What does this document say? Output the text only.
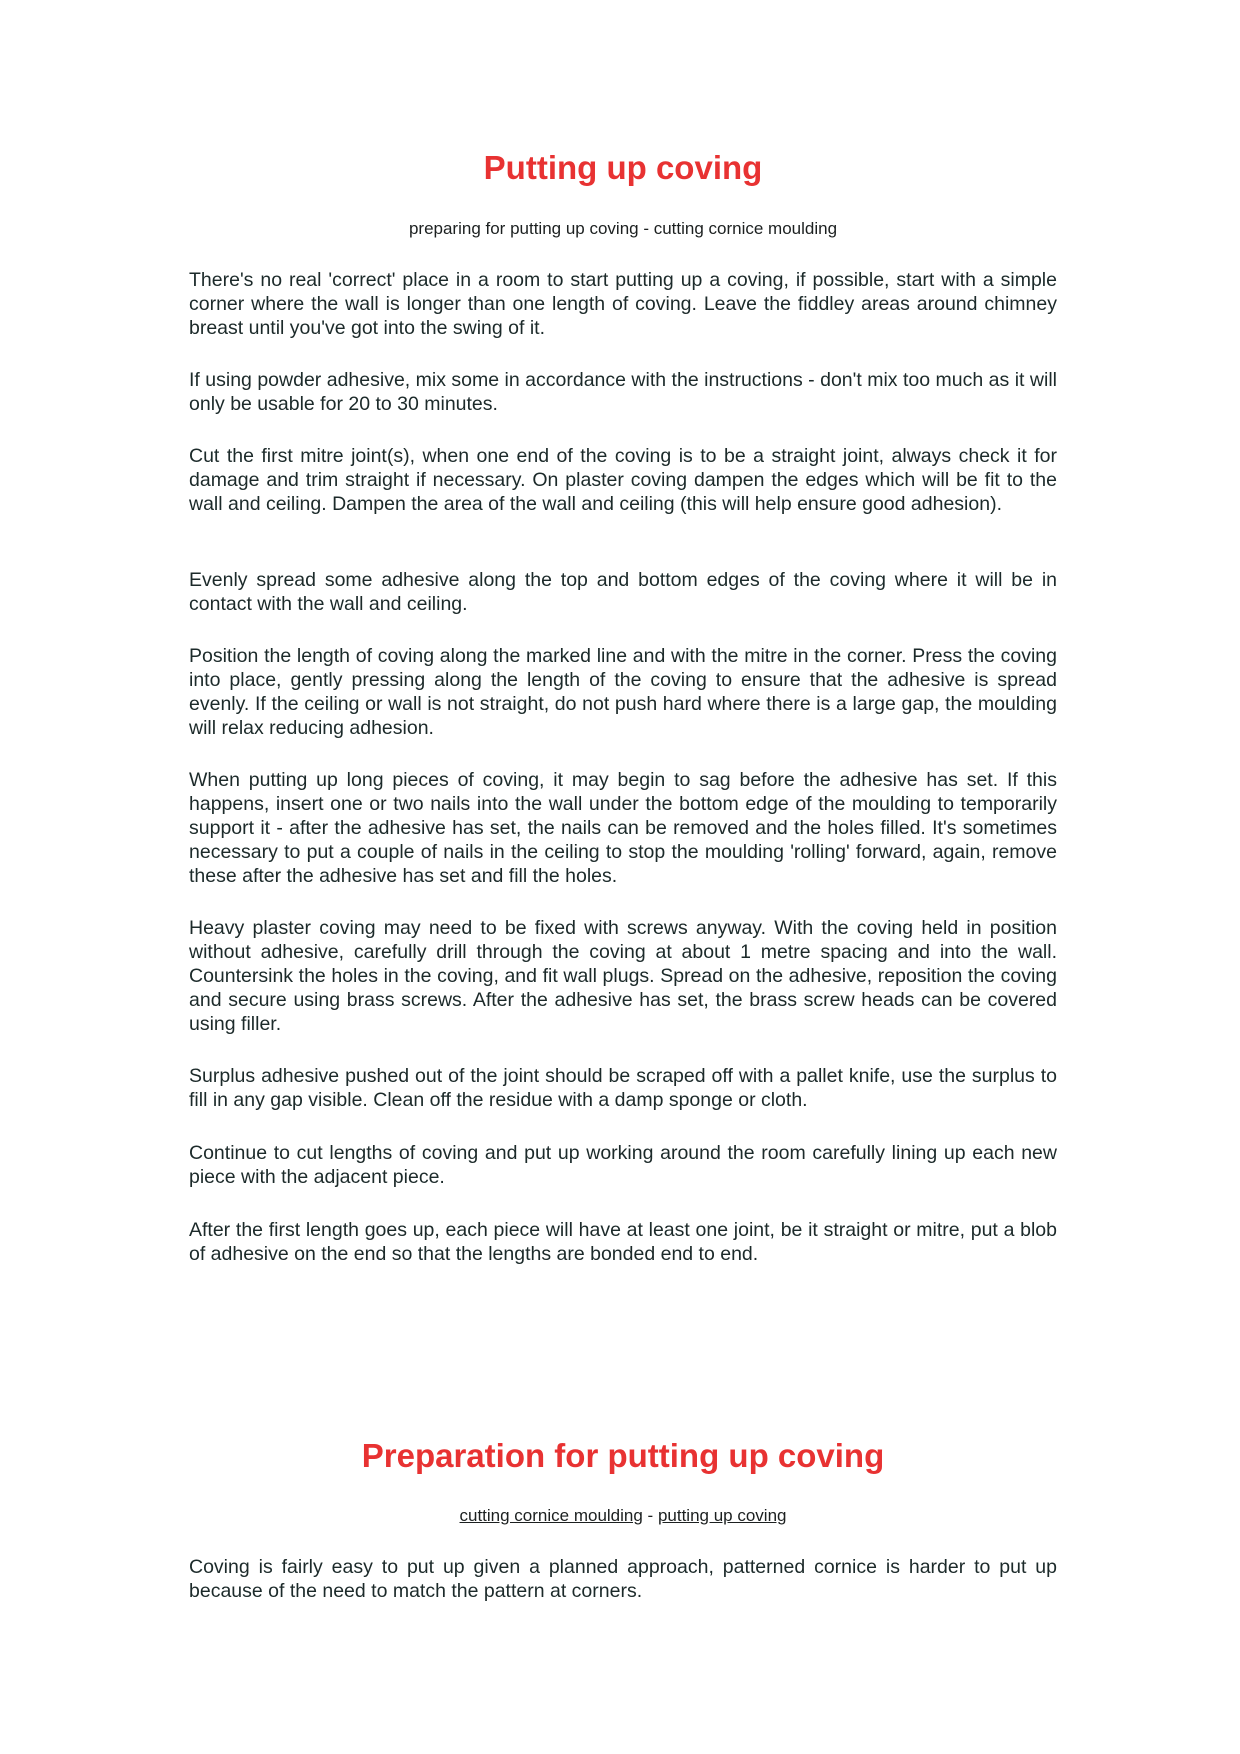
Putting up coving
preparing for putting up coving - cutting cornice moulding

There's no real 'correct' place in a room to start putting up a coving, if possible, start with a simple corner where the wall is longer than one length of coving. Leave the fiddley areas around chimney breast until you've got into the swing of it.

If using powder adhesive, mix some in accordance with the instructions - don't mix too much as it will only be usable for 20 to 30 minutes.

Cut the first mitre joint(s), when one end of the coving is to be a straight joint, always check it for damage and trim straight if necessary. On plaster coving dampen the edges which will be fit to the wall and ceiling. Dampen the area of the wall and ceiling (this will help ensure good adhesion).

Evenly spread some adhesive along the top and bottom edges of the coving where it will be in contact with the wall and ceiling.

Position the length of coving along the marked line and with the mitre in the corner. Press the coving into place, gently pressing along the length of the coving to ensure that the adhesive is spread evenly. If the ceiling or wall is not straight, do not push hard where there is a large gap, the moulding will relax reducing adhesion.

When putting up long pieces of coving, it may begin to sag before the adhesive has set. If this happens, insert one or two nails into the wall under the bottom edge of the moulding to temporarily support it - after the adhesive has set, the nails can be removed and the holes filled. It's sometimes necessary to put a couple of nails in the ceiling to stop the moulding 'rolling' forward, again, remove these after the adhesive has set and fill the holes.

Heavy plaster coving may need to be fixed with screws anyway. With the coving held in position without adhesive, carefully drill through the coving at about 1 metre spacing and into the wall. Countersink the holes in the coving, and fit wall plugs. Spread on the adhesive, reposition the coving and secure using brass screws. After the adhesive has set, the brass screw heads can be covered using filler.

Surplus adhesive pushed out of the joint should be scraped off with a pallet knife, use the surplus to fill in any gap visible. Clean off the residue with a damp sponge or cloth.

Continue to cut lengths of coving and put up working around the room carefully lining up each new piece with the adjacent piece.

After the first length goes up, each piece will have at least one joint, be it straight or mitre, put a blob of adhesive on the end so that the lengths are bonded end to end.

Preparation for putting up coving
cutting cornice moulding - putting up coving

Coving is fairly easy to put up given a planned approach, patterned cornice is harder to put up because of the need to match the pattern at corners.
